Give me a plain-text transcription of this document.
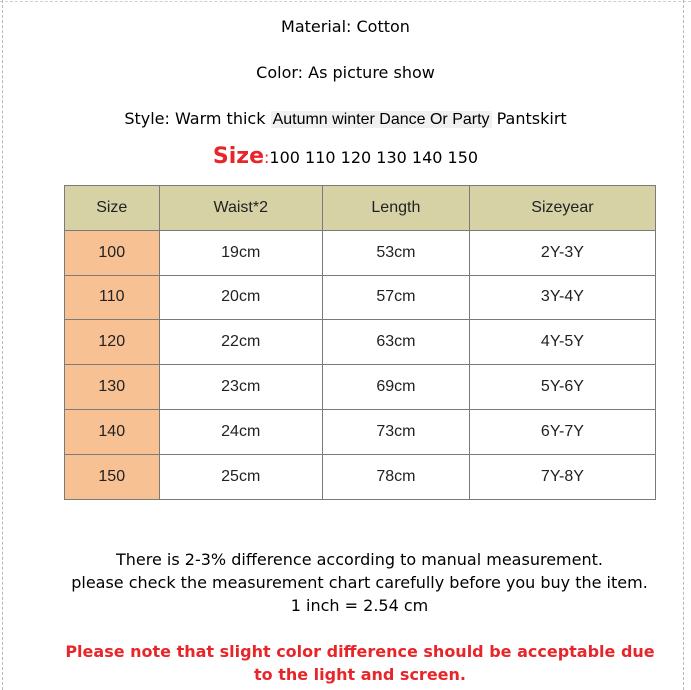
Material: Cotton
Color: As picture show
Style: Warm thick Autumn winter Dance Or Party Pantskirt
Size:100 110 120 130 140 150
Size	Waist*2	Length	Sizeyear
100	19cm	53cm	2Y-3Y
110	20cm	57cm	3Y-4Y
120	22cm	63cm	4Y-5Y
130	23cm	69cm	5Y-6Y
140	24cm	73cm	6Y-7Y
150	25cm	78cm	7Y-8Y
There is 2-3% difference according to manual measurement.
please check the measurement chart carefully before you buy the item.
1 inch = 2.54 cm
Please note that slight color difference should be acceptable due to the light and screen.
